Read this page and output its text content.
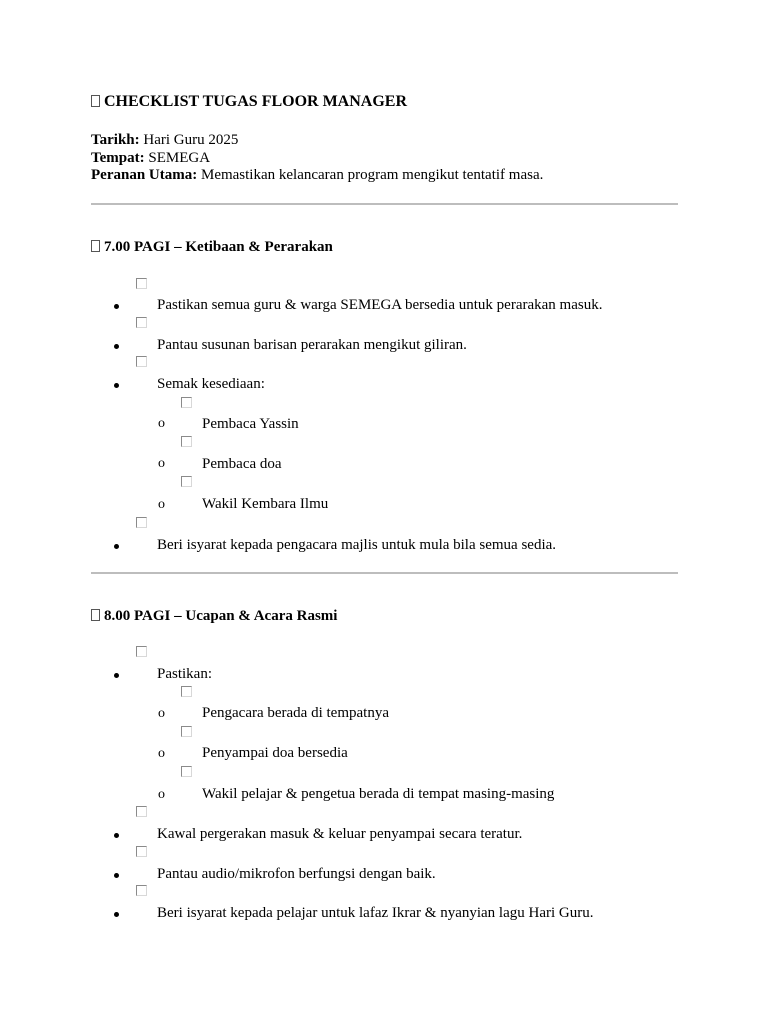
CHECKLIST TUGAS FLOOR MANAGER
Tarikh: Hari Guru 2025
Tempat: SEMEGA
Peranan Utama: Memastikan kelancaran program mengikut tentatif masa.
7.00 PAGI – Ketibaan & Perarakan
Pastikan semua guru & warga SEMEGA bersedia untuk perarakan masuk.
Pantau susunan barisan perarakan mengikut giliran.
Semak kesediaan:
o Pembaca Yassin
o Pembaca doa
o Wakil Kembara Ilmu
Beri isyarat kepada pengacara majlis untuk mula bila semua sedia.
8.00 PAGI – Ucapan & Acara Rasmi
Pastikan:
o Pengacara berada di tempatnya
o Penyampai doa bersedia
o Wakil pelajar & pengetua berada di tempat masing-masing
Kawal pergerakan masuk & keluar penyampai secara teratur.
Pantau audio/mikrofon berfungsi dengan baik.
Beri isyarat kepada pelajar untuk lafaz Ikrar & nyanyian lagu Hari Guru.
